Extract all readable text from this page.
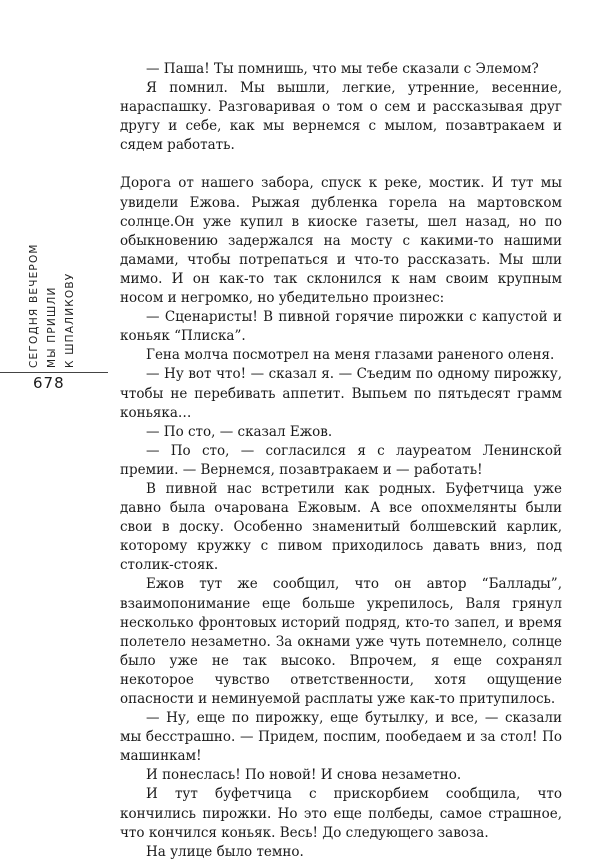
СЕГОДНЯ ВЕЧЕРОМ МЫ ПРИШЛИ К ШПАЛИКОВУ
678

— Паша! Ты помнишь, что мы тебе сказали с Элемом?

Я помнил. Мы вышли, легкие, утренние, весенние, нараспашку. Разговаривая о том о сем и рассказывая друг другу и себе, как мы вернемся с мылом, позавтракаем и сядем работать.

Дорога от нашего забора, спуск к реке, мостик. И тут мы увидели Ежова. Рыжая дубленка горела на мартовском солнце.Он уже купил в киоске газеты, шел назад, но по обыкновению задержался на мосту с какими-то нашими дамами, чтобы потрепаться и что-то рассказать. Мы шли мимо. И он как-то так склонился к нам своим крупным носом и негромко, но убедительно произнес:

— Сценаристы! В пивной горячие пирожки с капустой и коньяк “Плиска”.

Гена молча посмотрел на меня глазами раненого оленя.

— Ну вот что! — сказал я. — Съедим по одному пирожку, чтобы не перебивать аппетит. Выпьем по пятьдесят грамм коньяка…

— По сто, — сказал Ежов.

— По сто, — согласился я с лауреатом Ленинской премии. — Вернемся, позавтракаем и — работать!

В пивной нас встретили как родных. Буфетчица уже давно была очарована Ежовым. А все опохмелянты были свои в доску. Особенно знаменитый болшевский карлик, которому кружку с пивом приходилось давать вниз, под столик-стояк.

Ежов тут же сообщил, что он автор “Баллады”, взаимопонимание еще больше укрепилось, Валя грянул несколько фронтовых историй подряд, кто-то запел, и время полетело незаметно. За окнами уже чуть потемнело, солнце было уже не так высоко. Впрочем, я еще сохранял некоторое чувство ответственности, хотя ощущение опасности и неминуемой расплаты уже как-то притупилось.

— Ну, еще по пирожку, еще бутылку, и все, — сказали мы бесстрашно. — Придем, поспим, пообедаем и за стол! По машинкам!

И понеслась! По новой! И снова незаметно.

И тут буфетчица с прискорбием сообщила, что кончились пирожки. Но это еще полбеды, самое страшное, что кончился коньяк. Весь! До следующего завоза.

На улице было темно.
